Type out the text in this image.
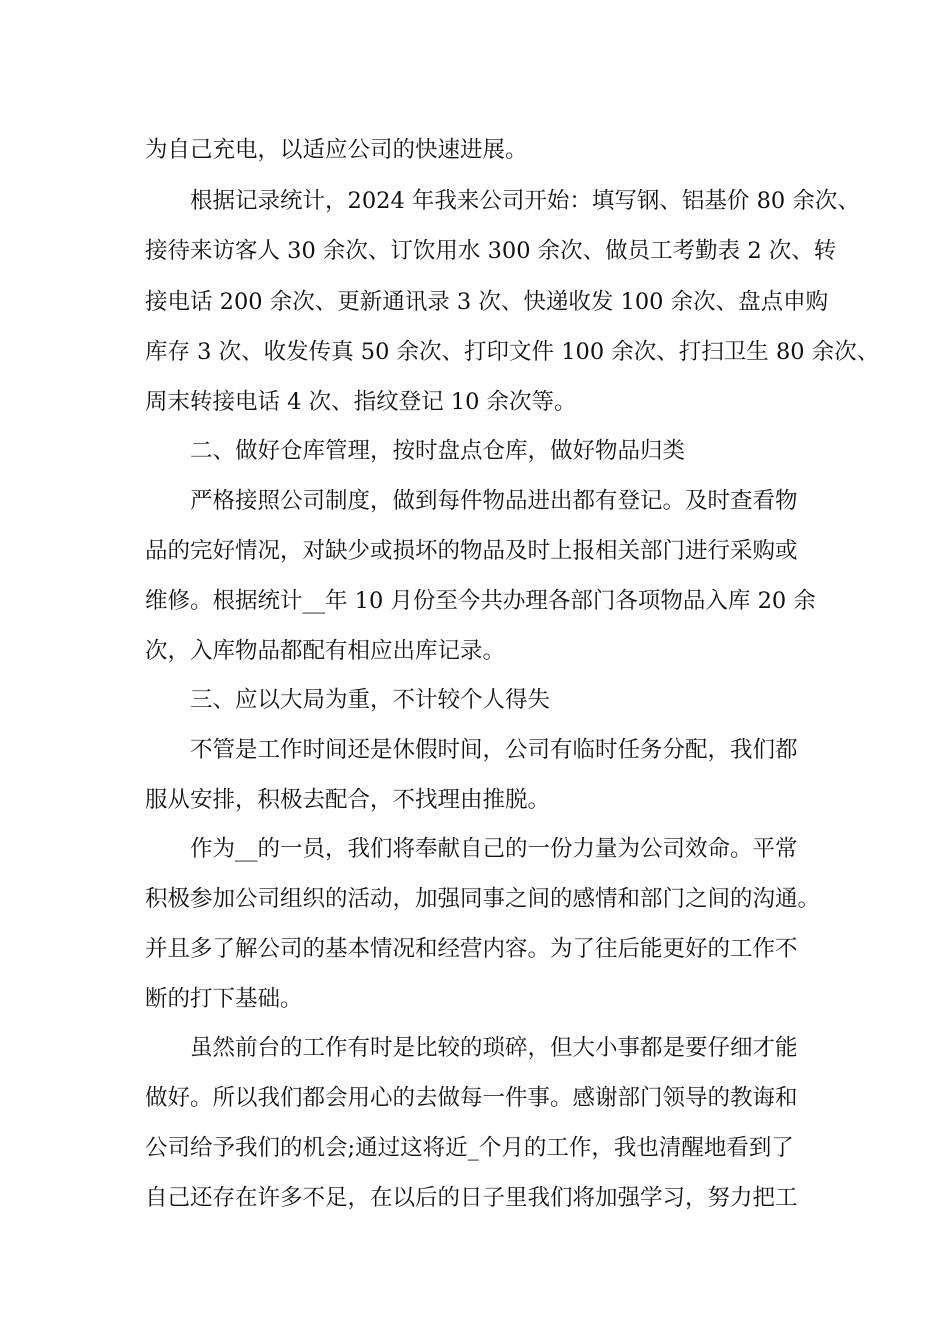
为自己充电，以适应公司的快速进展。
根据记录统计，2024 年我来公司开始：填写钢、铝基价 80 余次、
接待来访客人 30 余次、订饮用水 300 余次、做员工考勤表 2 次、转
接电话 200 余次、更新通讯录 3 次、快递收发 100 余次、盘点申购
库存 3 次、收发传真 50 余次、打印文件 100 余次、打扫卫生 80 余次、
周末转接电话 4 次、指纹登记 10 余次等。
二、做好仓库管理，按时盘点仓库，做好物品归类
严格接照公司制度，做到每件物品进出都有登记。及时查看物
品的完好情况，对缺少或损坏的物品及时上报相关部门进行采购或
维修。根据统计__年 10 月份至今共办理各部门各项物品入库 20 余
次，入库物品都配有相应出库记录。
三、应以大局为重，不计较个人得失
不管是工作时间还是休假时间，公司有临时任务分配，我们都
服从安排，积极去配合，不找理由推脱。
作为__的一员，我们将奉献自己的一份力量为公司效命。平常
积极参加公司组织的活动，加强同事之间的感情和部门之间的沟通。
并且多了解公司的基本情况和经营内容。为了往后能更好的工作不
断的打下基础。
虽然前台的工作有时是比较的琐碎，但大小事都是要仔细才能
做好。所以我们都会用心的去做每一件事。感谢部门领导的教诲和
公司给予我们的机会;通过这将近_个月的工作，我也清醒地看到了
自己还存在许多不足，在以后的日子里我们将加强学习，努力把工
